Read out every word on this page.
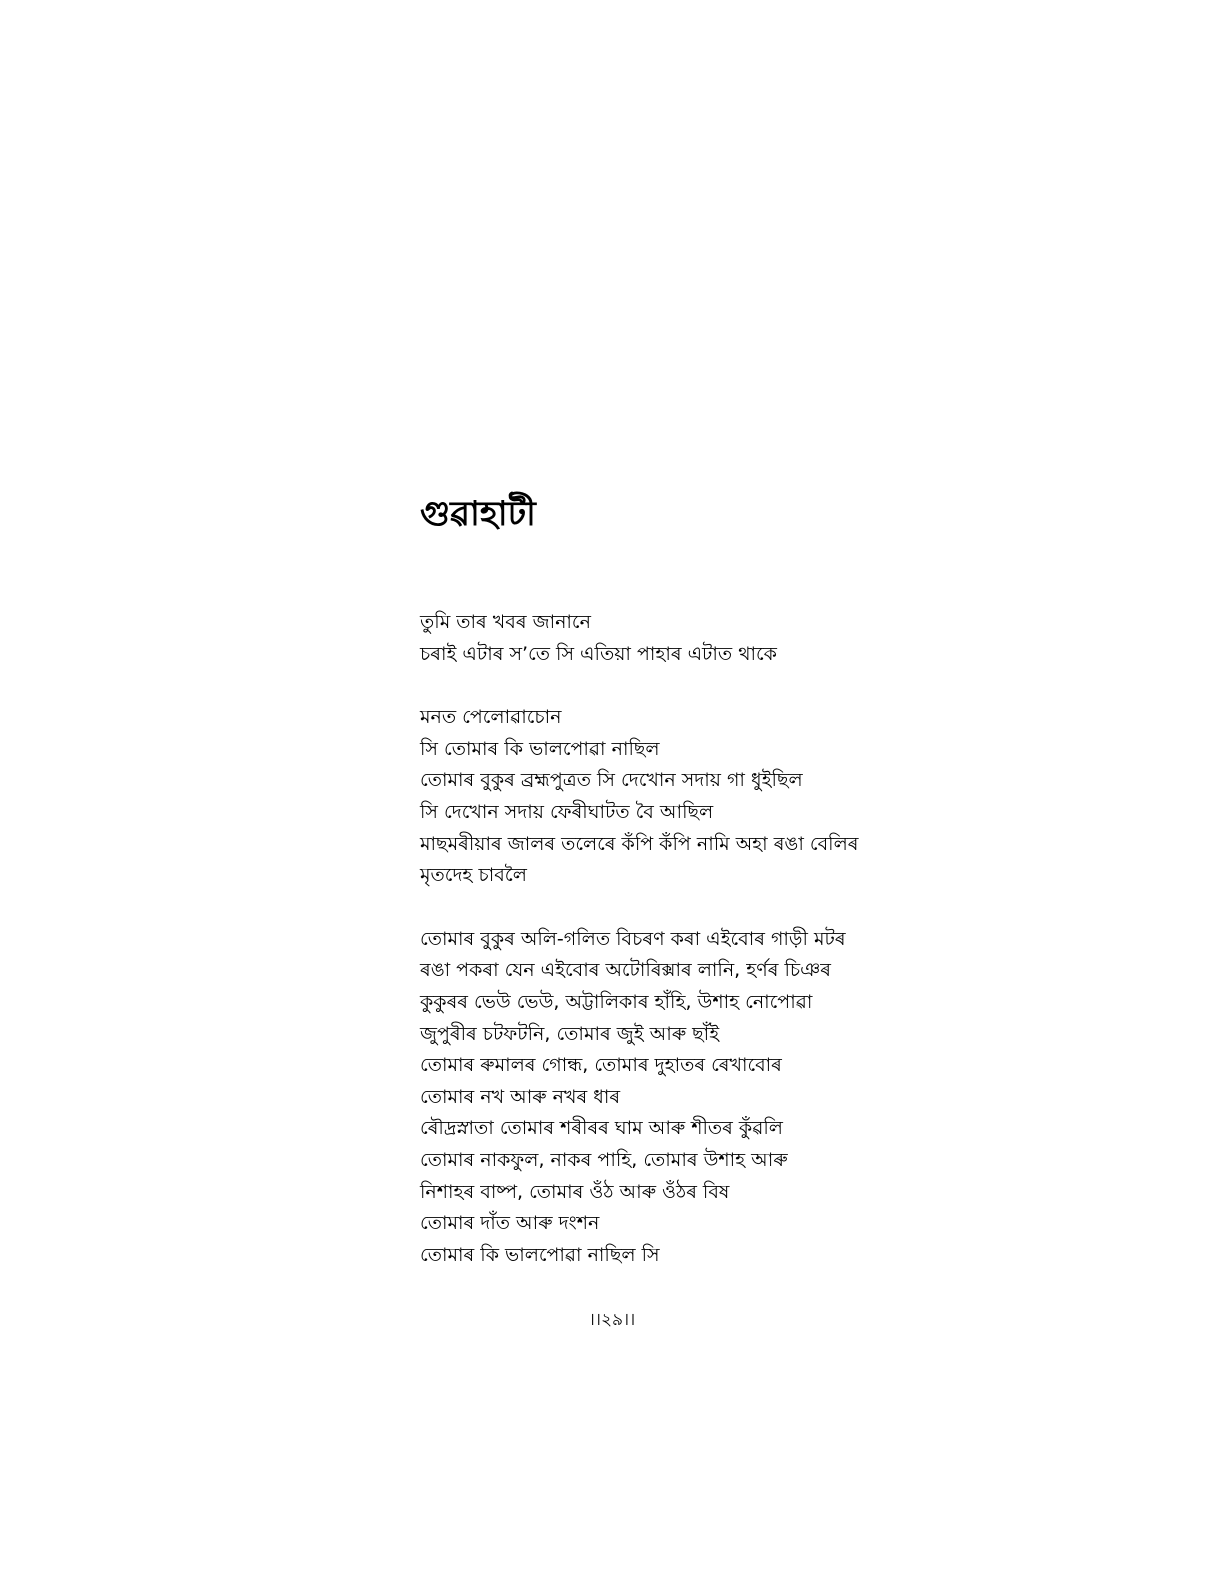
গুৱাহাটী
তুমি তাৰ খবৰ জানানে
চৰাই এটাৰ স’তে সি এতিয়া পাহাৰ এটাত থাকে
মনত পেলোৱাচোন
সি তোমাৰ কি ভালপোৱা নাছিল
তোমাৰ বুকুৰ ব্ৰহ্মপুত্ৰত সি দেখোন সদায় গা ধুইছিল
সি দেখোন সদায় ফেৰীঘাটত বৈ আছিল
মাছমৰীয়াৰ জালৰ তলেৰে কঁপি কঁপি নামি অহা ৰঙা বেলিৰ
মৃতদেহ চাবলৈ
তোমাৰ বুকুৰ অলি-গলিত বিচৰণ কৰা এইবোৰ গাড়ী মটৰ
ৰঙা পকৰা যেন এইবোৰ অটোৰিক্সাৰ লানি, হৰ্ণৰ চিঞৰ
কুকুৰৰ ভেউ ভেউ, অট্টালিকাৰ হাঁহি, উশাহ নোপোৱা
জুপুৰীৰ চটফটনি, তোমাৰ জুই আৰু ছাঁই
তোমাৰ ৰুমালৰ গোন্ধ, তোমাৰ দুহাতৰ ৰেখাবোৰ
তোমাৰ নখ আৰু নখৰ ধাৰ
ৰৌদ্ৰস্নাতা তোমাৰ শৰীৰৰ ঘাম আৰু শীতৰ কুঁৱলি
তোমাৰ নাকফুল, নাকৰ পাহি, তোমাৰ উশাহ আৰু
নিশাহৰ বাষ্প, তোমাৰ ওঁঠ আৰু ওঁঠৰ বিষ
তোমাৰ দাঁত আৰু দংশন
তোমাৰ কি ভালপোৱা নাছিল সি
।।২৯।।
